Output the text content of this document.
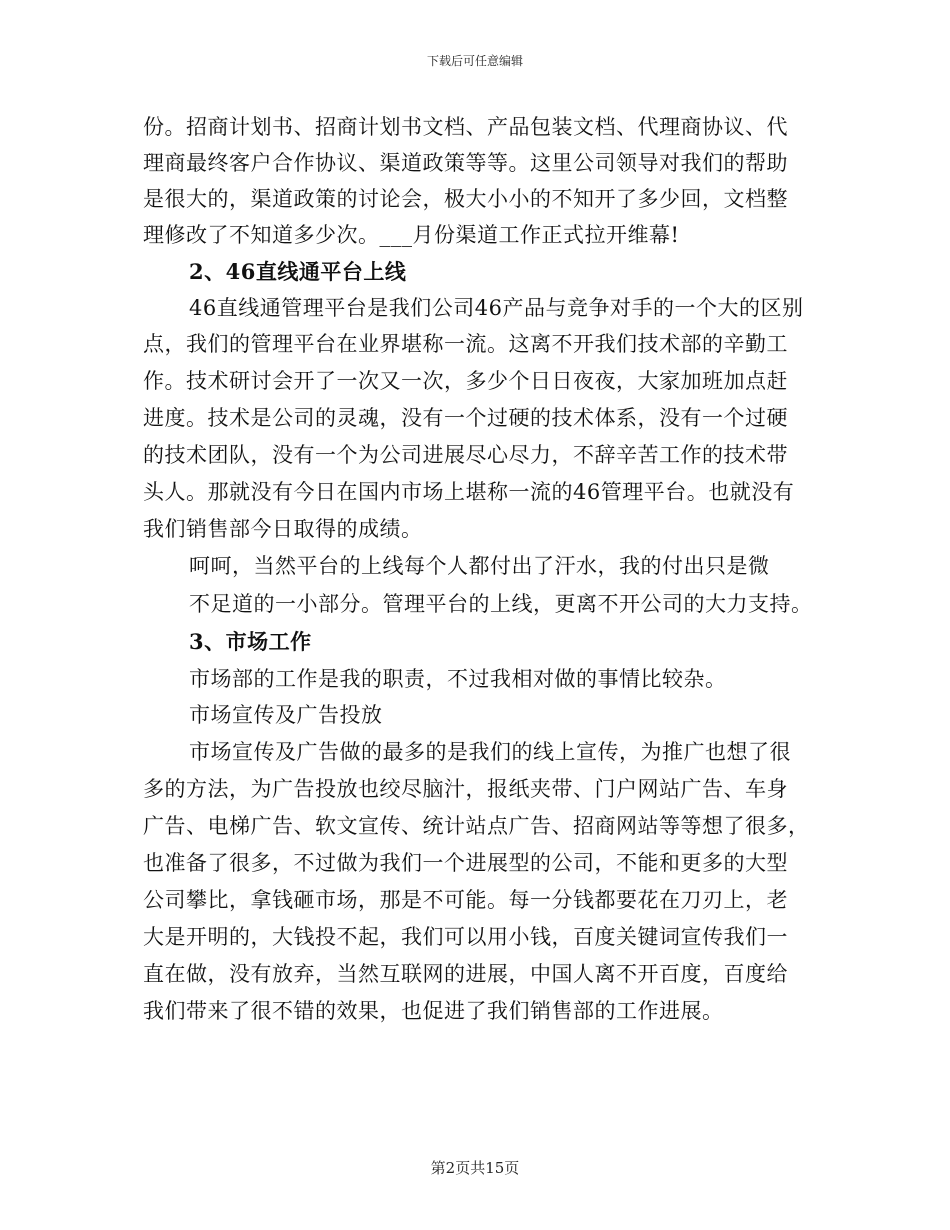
下载后可任意编辑
份。招商计划书、招商计划书文档、产品包装文档、代理商协议、代
理商最终客户合作协议、渠道政策等等。这里公司领导对我们的帮助
是很大的，渠道政策的讨论会，极大小小的不知开了多少回，文档整
理修改了不知道多少次。___月份渠道工作正式拉开维幕!
2、46直线通平台上线
46直线通管理平台是我们公司46产品与竞争对手的一个大的区别
点，我们的管理平台在业界堪称一流。这离不开我们技术部的辛勤工
作。技术研讨会开了一次又一次，多少个日日夜夜，大家加班加点赶
进度。技术是公司的灵魂，没有一个过硬的技术体系，没有一个过硬
的技术团队，没有一个为公司进展尽心尽力，不辞辛苦工作的技术带
头人。那就没有今日在国内市场上堪称一流的46管理平台。也就没有
我们销售部今日取得的成绩。
呵呵，当然平台的上线每个人都付出了汗水，我的付出只是微
不足道的一小部分。管理平台的上线，更离不开公司的大力支持。
3、市场工作
市场部的工作是我的职责，不过我相对做的事情比较杂。
市场宣传及广告投放
市场宣传及广告做的最多的是我们的线上宣传，为推广也想了很
多的方法，为广告投放也绞尽脑汁，报纸夹带、门户网站广告、车身
广告、电梯广告、软文宣传、统计站点广告、招商网站等等想了很多，
也准备了很多，不过做为我们一个进展型的公司，不能和更多的大型
公司攀比，拿钱砸市场，那是不可能。每一分钱都要花在刀刃上，老
大是开明的，大钱投不起，我们可以用小钱，百度关键词宣传我们一
直在做，没有放弃，当然互联网的进展，中国人离不开百度，百度给
我们带来了很不错的效果，也促进了我们销售部的工作进展。
第2页共15页
